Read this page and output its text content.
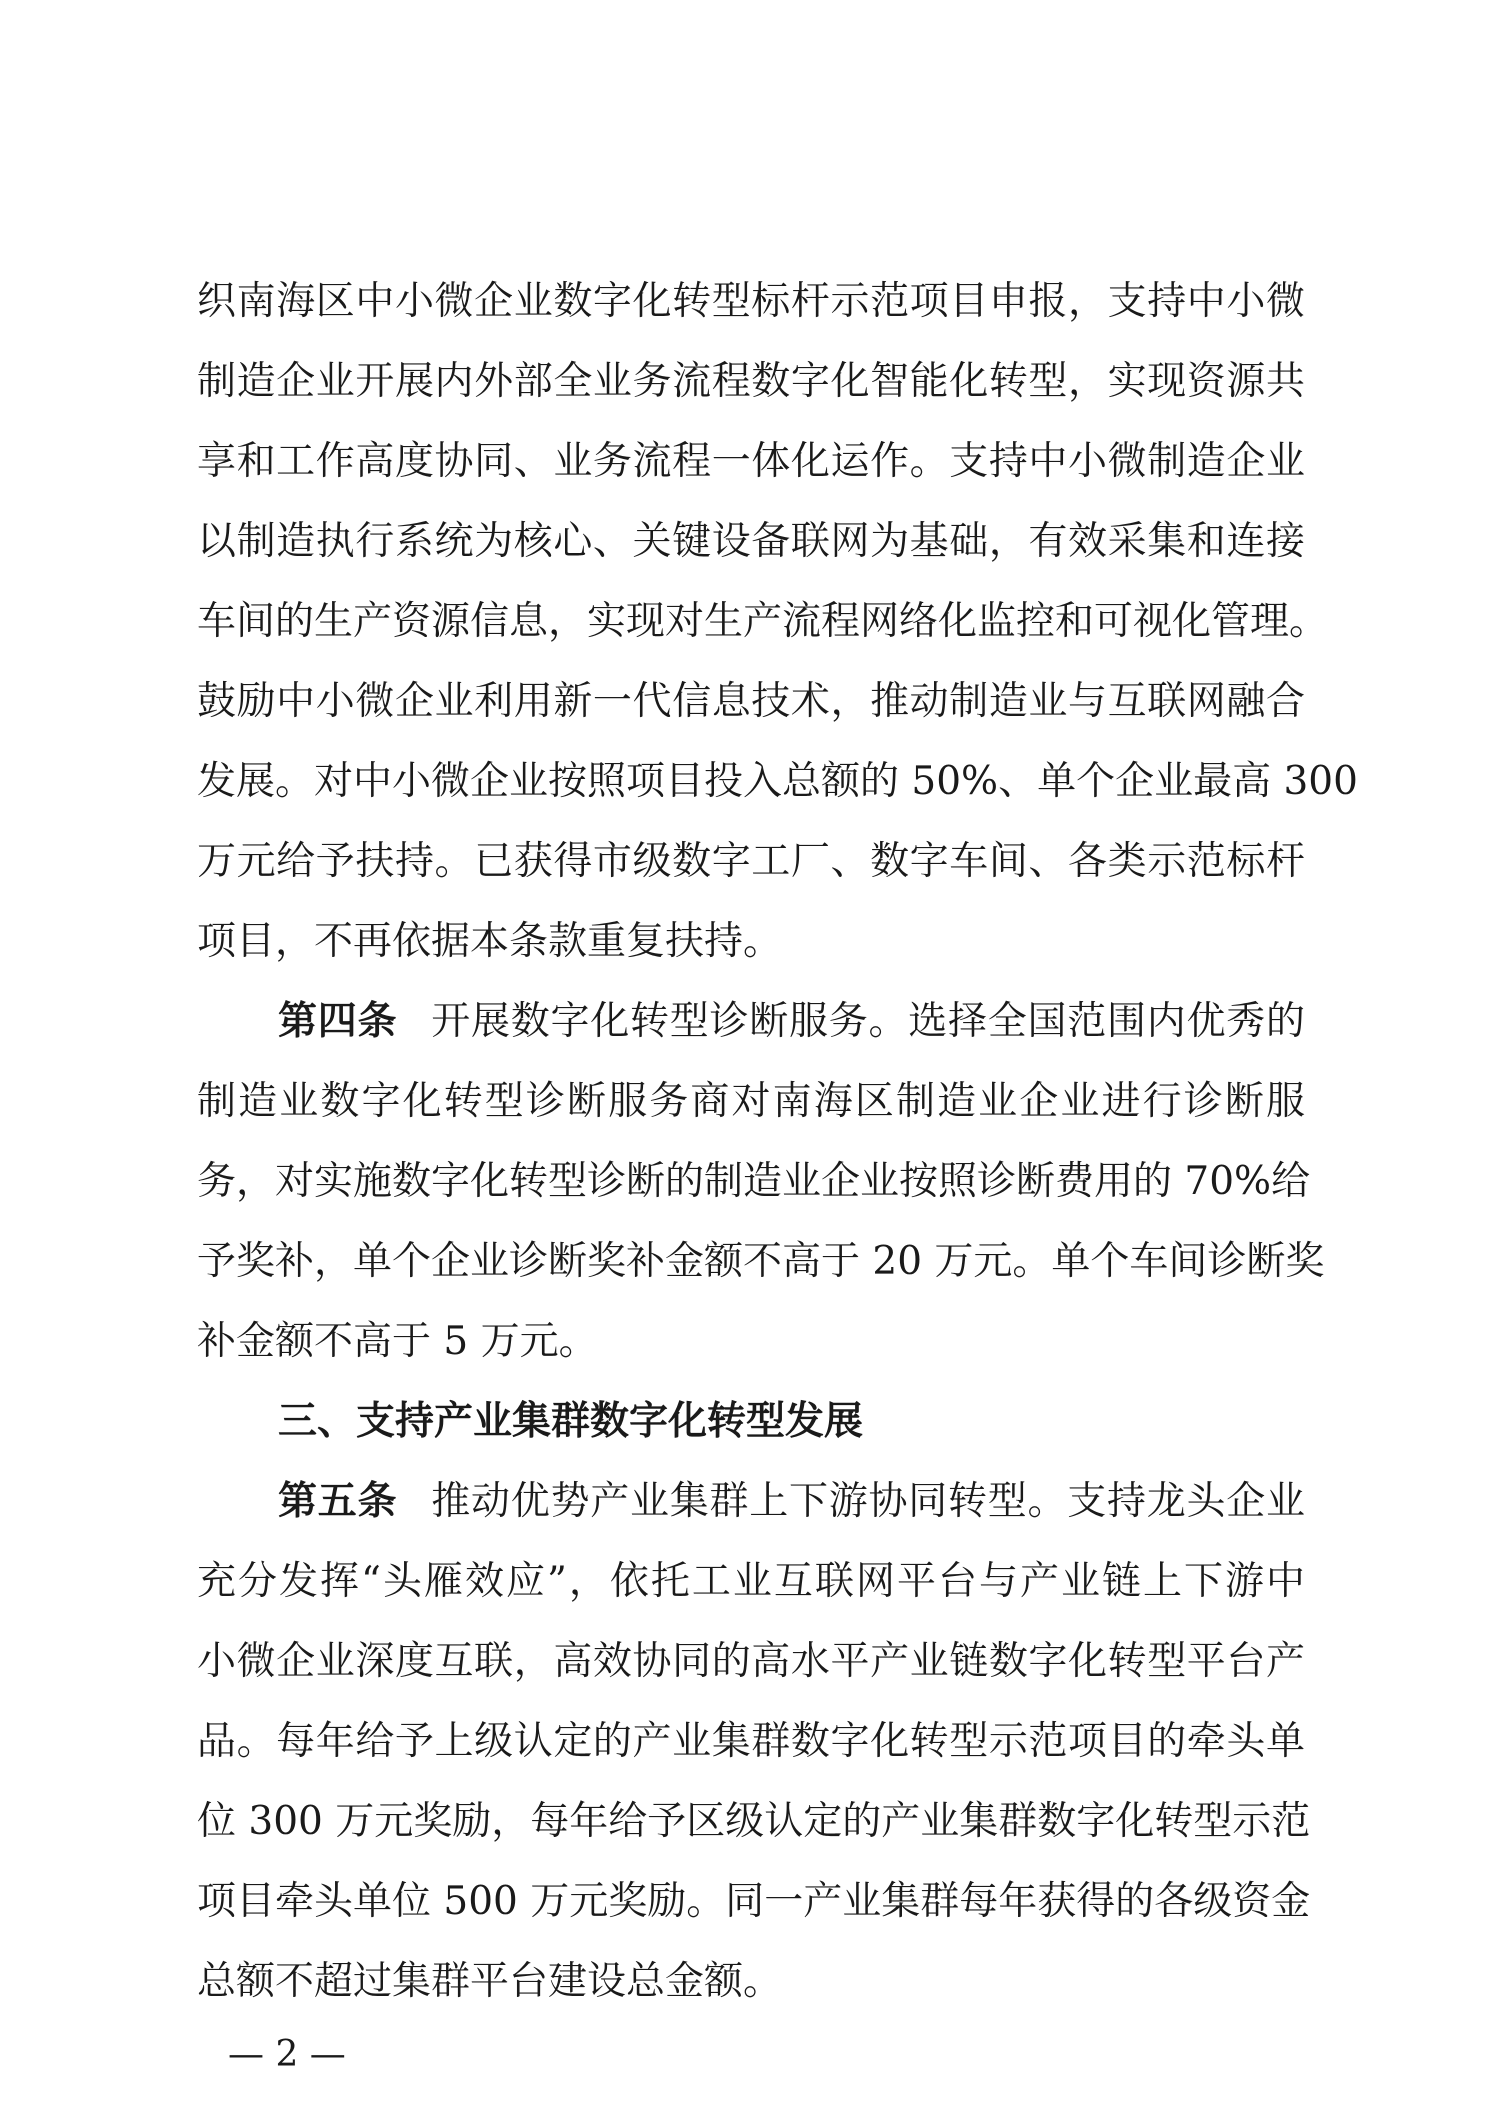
织南海区中小微企业数字化转型标杆示范项目申报，支持中小微
制造企业开展内外部全业务流程数字化智能化转型，实现资源共
享和工作高度协同、业务流程一体化运作。支持中小微制造企业
以制造执行系统为核心、关键设备联网为基础，有效采集和连接
车间的生产资源信息，实现对生产流程网络化监控和可视化管理。
鼓励中小微企业利用新一代信息技术，推动制造业与互联网融合
发展。对中小微企业按照项目投入总额的 50%、单个企业最高 300
万元给予扶持。已获得市级数字工厂、数字车间、各类示范标杆
项目，不再依据本条款重复扶持。
第四条 开展数字化转型诊断服务。选择全国范围内优秀的
制造业数字化转型诊断服务商对南海区制造业企业进行诊断服
务，对实施数字化转型诊断的制造业企业按照诊断费用的 70%给
予奖补，单个企业诊断奖补金额不高于 20 万元。单个车间诊断奖
补金额不高于 5 万元。
三、支持产业集群数字化转型发展
第五条 推动优势产业集群上下游协同转型。支持龙头企业
充分发挥“头雁效应”，依托工业互联网平台与产业链上下游中
小微企业深度互联，高效协同的高水平产业链数字化转型平台产
品。每年给予上级认定的产业集群数字化转型示范项目的牵头单
位 300 万元奖励，每年给予区级认定的产业集群数字化转型示范
项目牵头单位 500 万元奖励。同一产业集群每年获得的各级资金
总额不超过集群平台建设总金额。
— 2 —
